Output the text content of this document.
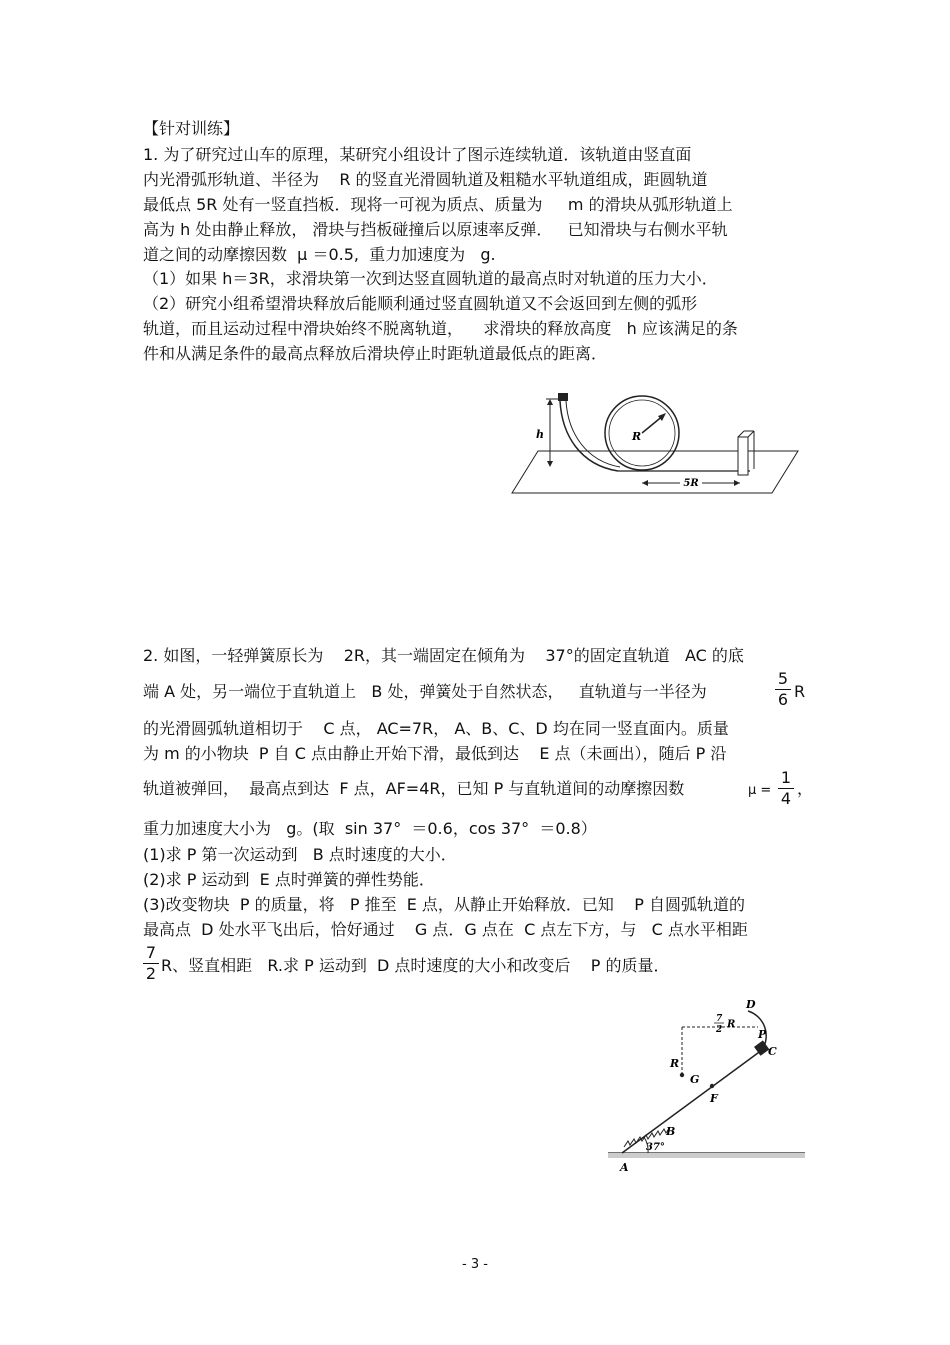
【针对训练】
1. 为了研究过山车的原理，某研究小组设计了图示连续轨道．该轨道由竖直面
内光滑弧形轨道、半径为    R 的竖直光滑圆轨道及粗糙水平轨道组成，距圆轨道
最低点 5R 处有一竖直挡板．现将一可视为质点、质量为     m 的滑块从弧形轨道上
高为 h 处由静止释放， 滑块与挡板碰撞后以原速率反弹．   已知滑块与右侧水平轨
道之间的动摩擦因数  μ ＝0.5,  重力加速度为   g.
（1）如果 h＝3R，求滑块第一次到达竖直圆轨道的最高点时对轨道的压力大小．
（2）研究小组希望滑块释放后能顺利通过竖直圆轨道又不会返回到左侧的弧形
轨道，而且运动过程中滑块始终不脱离轨道，    求滑块的释放高度   h 应该满足的条
件和从满足条件的最高点释放后滑块停止时距轨道最低点的距离．
h	R
5R
2. 如图，一轻弹簧原长为    2R，其一端固定在倾角为    37°的固定直轨道   AC 的底
端 A 处，另一端位于直轨道上   B 处，弹簧处于自然状态，   直轨道与一半径为
5
6 R
的光滑圆弧轨道相切于    C 点， AC=7R， A、B、C、D 均在同一竖直面内。质量
为 m 的小物块  P 自 C 点由静止开始下滑，最低到达    E 点（未画出），随后 P 沿
轨道被弹回，  最高点到达  F 点，AF=4R，已知 P 与直轨道间的动摩擦因数	μ =
1
4
，
重力加速度大小为   g。(取  sin 37°  ＝0.6，cos 37°  ＝0.8）
(1)求 P 第一次运动到   B 点时速度的大小．
(2)求 P 运动到  E 点时弹簧的弹性势能．
(3)改变物块  P 的质量，将   P 推至  E 点，从静止开始释放．已知    P 自圆弧轨道的
最高点  D 处水平飞出后，恰好通过    G 点．G 点在  C 点左下方，与   C 点水平相距
7
2 R、竖直相距   R.求 P 运动到  D 点时速度的大小和改变后    P 的质量．
37°
D
P
C
7
2 R
R
G
F
B
A
- 3 -
